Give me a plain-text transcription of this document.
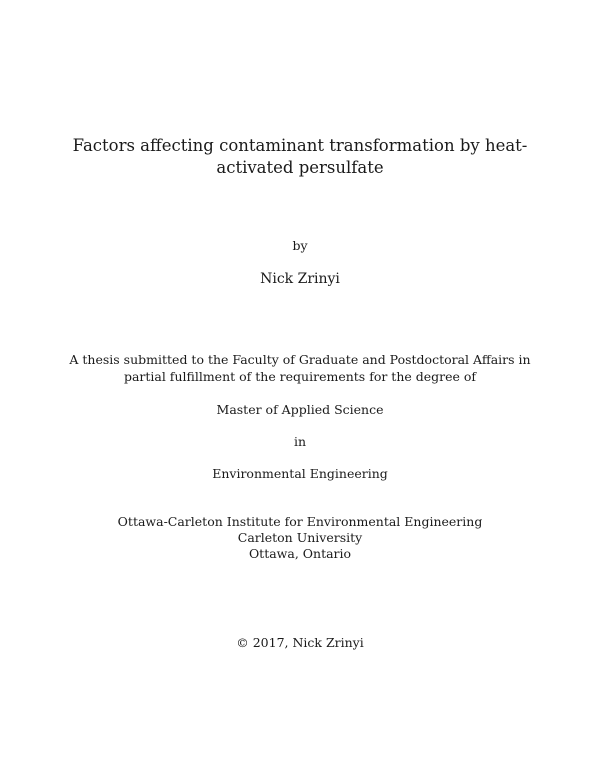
Factors affecting contaminant transformation by heat-
activated persulfate
by
Nick Zrinyi
A thesis submitted to the Faculty of Graduate and Postdoctoral Affairs in
partial fulfillment of the requirements for the degree of
Master of Applied Science
in
Environmental Engineering
Ottawa-Carleton Institute for Environmental Engineering
Carleton University
Ottawa, Ontario
© 2017, Nick Zrinyi
